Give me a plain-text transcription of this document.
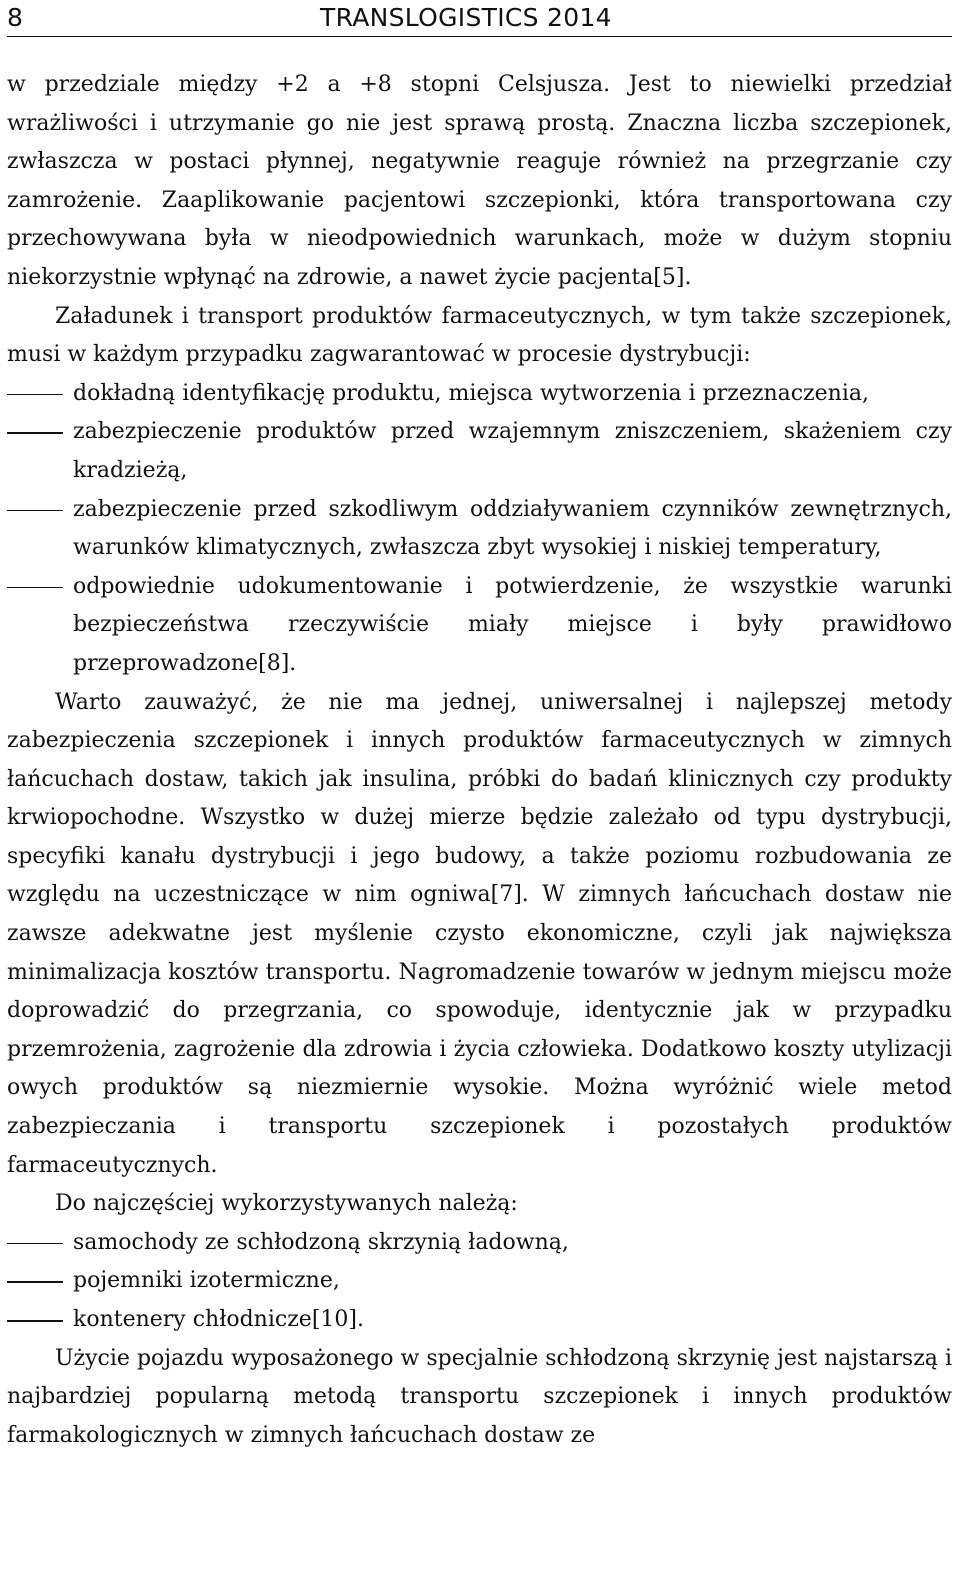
8	TRANSLOGISTICS 2014

w przedziale między +2 a +8 stopni Celsjusza. Jest to niewielki przedział wrażliwości i utrzymanie go nie jest sprawą prostą. Znaczna liczba szczepionek, zwłaszcza w postaci płynnej, negatywnie reaguje również na przegrzanie czy zamrożenie. Zaaplikowanie pacjentowi szczepionki, która transportowana czy przechowywana była w nieodpowiednich warunkach, może w dużym stopniu niekorzystnie wpłynąć na zdrowie, a nawet życie pacjenta[5].

Załadunek i transport produktów farmaceutycznych, w tym także szczepionek, musi w każdym przypadku zagwarantować w procesie dystrybucji:

dokładną identyfikację produktu, miejsca wytworzenia i przeznaczenia,
zabezpieczenie produktów przed wzajemnym zniszczeniem, skażeniem czy kradzieżą,
zabezpieczenie przed szkodliwym oddziaływaniem czynników zewnętrznych, warunków klimatycznych, zwłaszcza zbyt wysokiej i niskiej temperatury,
odpowiednie udokumentowanie i potwierdzenie, że wszystkie warunki bezpieczeństwa rzeczywiście miały miejsce i były prawidłowo przeprowadzone[8].

Warto zauważyć, że nie ma jednej, uniwersalnej i najlepszej metody zabezpieczenia szczepionek i innych produktów farmaceutycznych w zimnych łańcuchach dostaw, takich jak insulina, próbki do badań klinicznych czy produkty krwiopochodne. Wszystko w dużej mierze będzie zależało od typu dystrybucji, specyfiki kanału dystrybucji i jego budowy, a także poziomu rozbudowania ze względu na uczestniczące w nim ogniwa[7]. W zimnych łańcuchach dostaw nie zawsze adekwatne jest myślenie czysto ekonomiczne, czyli jak największa minimalizacja kosztów transportu. Nagromadzenie towarów w jednym miejscu może doprowadzić do przegrzania, co spowoduje, identycznie jak w przypadku przemrożenia, zagrożenie dla zdrowia i życia człowieka. Dodatkowo koszty utylizacji owych produktów są niezmiernie wysokie. Można wyróżnić wiele metod zabezpieczania i transportu szczepionek i pozostałych produktów farmaceutycznych.

Do najczęściej wykorzystywanych należą:

samochody ze schłodzoną skrzynią ładowną,
pojemniki izotermiczne,
kontenery chłodnicze[10].

Użycie pojazdu wyposażonego w specjalnie schłodzoną skrzynię jest najstarszą i najbardziej popularną metodą transportu szczepionek i innych produktów farmakologicznych w zimnych łańcuchach dostaw ze
